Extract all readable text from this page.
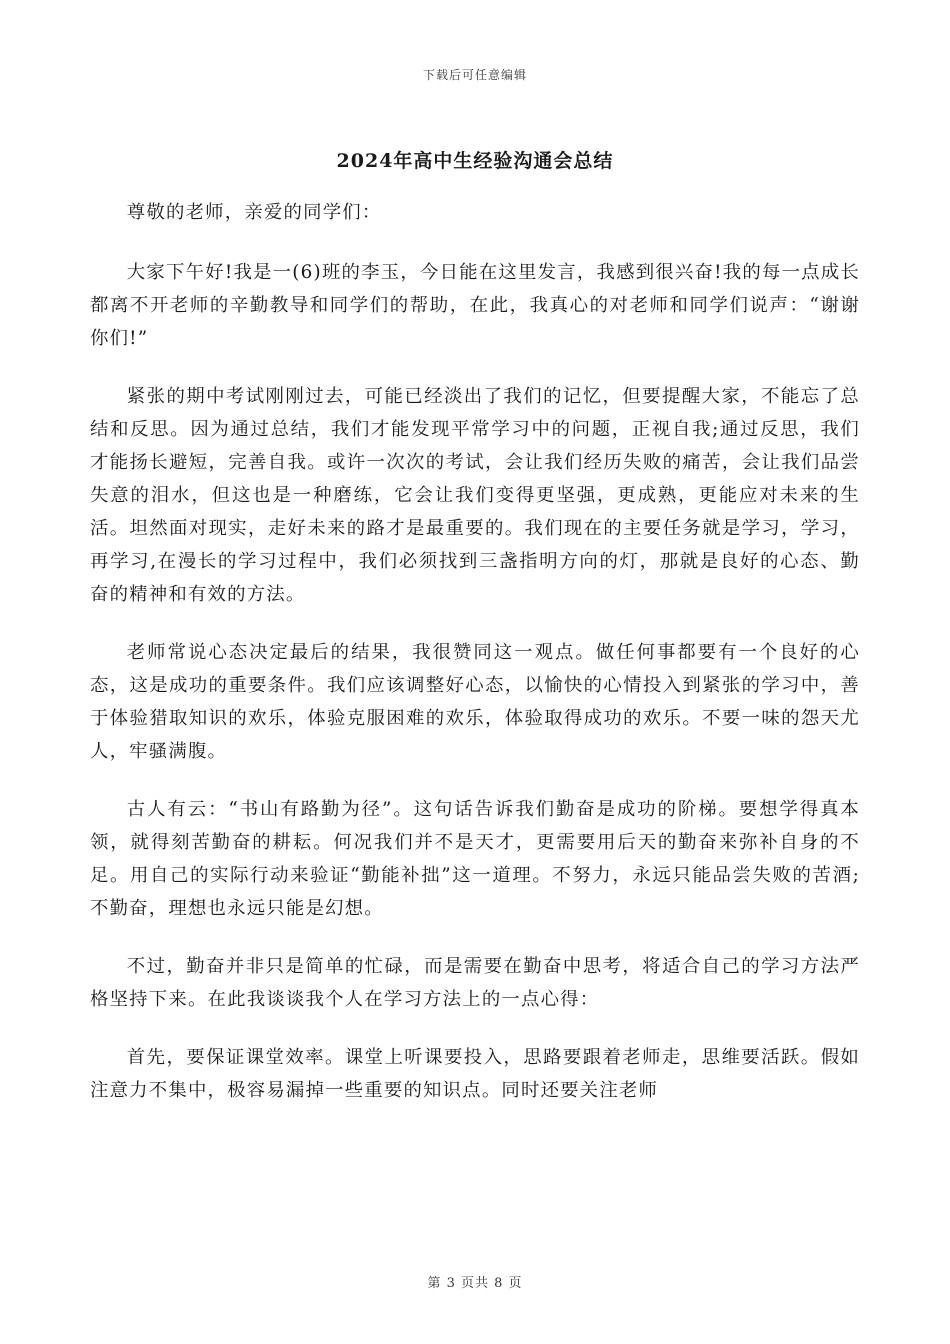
下载后可任意编辑
2024年高中生经验沟通会总结

尊敬的老师，亲爱的同学们：

大家下午好!我是一(6)班的李玉，今日能在这里发言，我感到很兴奋!我的每一点成长都离不开老师的辛勤教导和同学们的帮助，在此，我真心的对老师和同学们说声：“谢谢你们!”

紧张的期中考试刚刚过去，可能已经淡出了我们的记忆，但要提醒大家，不能忘了总结和反思。因为通过总结，我们才能发现平常学习中的问题，正视自我;通过反思，我们才能扬长避短，完善自我。或许一次次的考试，会让我们经历失败的痛苦，会让我们品尝失意的泪水，但这也是一种磨练，它会让我们变得更坚强，更成熟，更能应对未来的生活。坦然面对现实，走好未来的路才是最重要的。我们现在的主要任务就是学习，学习，再学习,在漫长的学习过程中，我们必须找到三盏指明方向的灯，那就是良好的心态、勤奋的精神和有效的方法。

老师常说心态决定最后的结果，我很赞同这一观点。做任何事都要有一个良好的心态，这是成功的重要条件。我们应该调整好心态，以愉快的心情投入到紧张的学习中，善于体验猎取知识的欢乐，体验克服困难的欢乐，体验取得成功的欢乐。不要一味的怨天尤人，牢骚满腹。

古人有云：“书山有路勤为径”。这句话告诉我们勤奋是成功的阶梯。要想学得真本领，就得刻苦勤奋的耕耘。何况我们并不是天才，更需要用后天的勤奋来弥补自身的不足。用自己的实际行动来验证“勤能补拙”这一道理。不努力，永远只能品尝失败的苦酒;不勤奋，理想也永远只能是幻想。

不过，勤奋并非只是简单的忙碌，而是需要在勤奋中思考，将适合自己的学习方法严格坚持下来。在此我谈谈我个人在学习方法上的一点心得：

首先，要保证课堂效率。课堂上听课要投入，思路要跟着老师走，思维要活跃。假如注意力不集中，极容易漏掉一些重要的知识点。同时还要关注老师

第 3 页共 8 页
